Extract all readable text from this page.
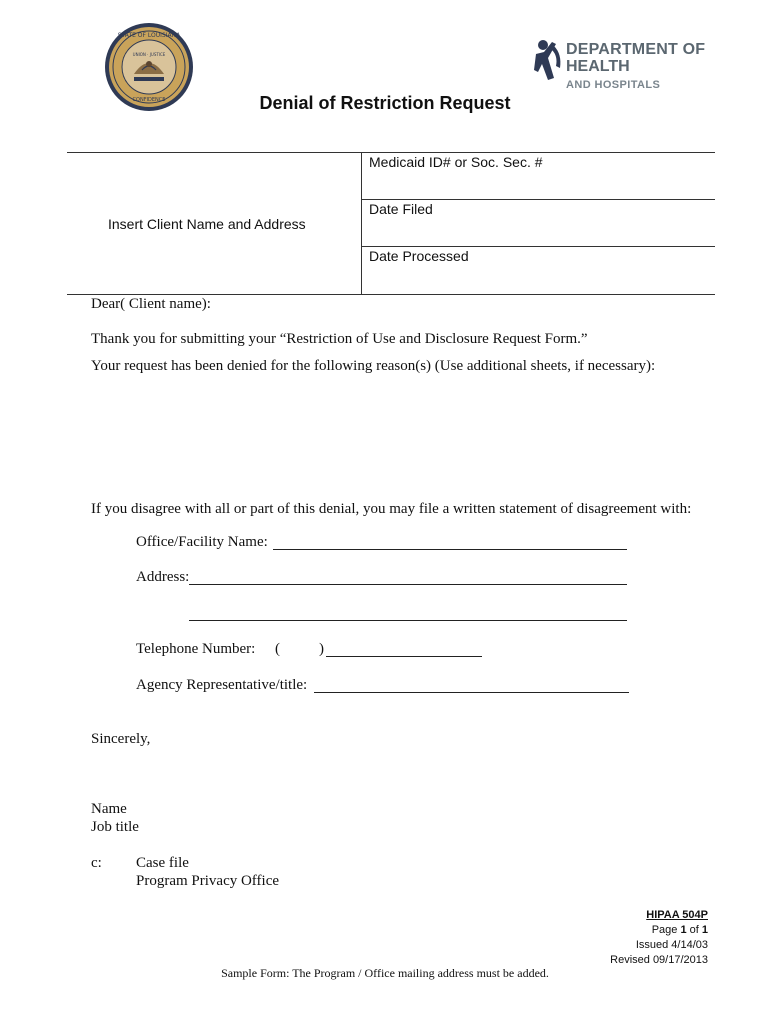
STATE OF LOUISIANA
UNION · JUSTICE
CONFIDENCE
DEPARTMENT OF
HEALTH
AND HOSPITALS
Denial of Restriction Request
Insert Client Name and Address
Medicaid ID# or Soc. Sec. #
Date Filed
Date Processed
Dear( Client name):
Thank you for submitting your “Restriction of Use and Disclosure Request Form.”
Your request has been denied for the following reason(s) (Use additional sheets, if necessary):
If you disagree with all or part of this denial, you may file a written statement of disagreement with:
Office/Facility Name:
Address:
Telephone Number: (	)
Agency Representative/title:
Sincerely,
Name
Job title
c: Case file
Program Privacy Office
HIPAA 504P
Page 1 of 1
Issued 4/14/03
Revised 09/17/2013
Sample Form: The Program / Office mailing address must be added.
